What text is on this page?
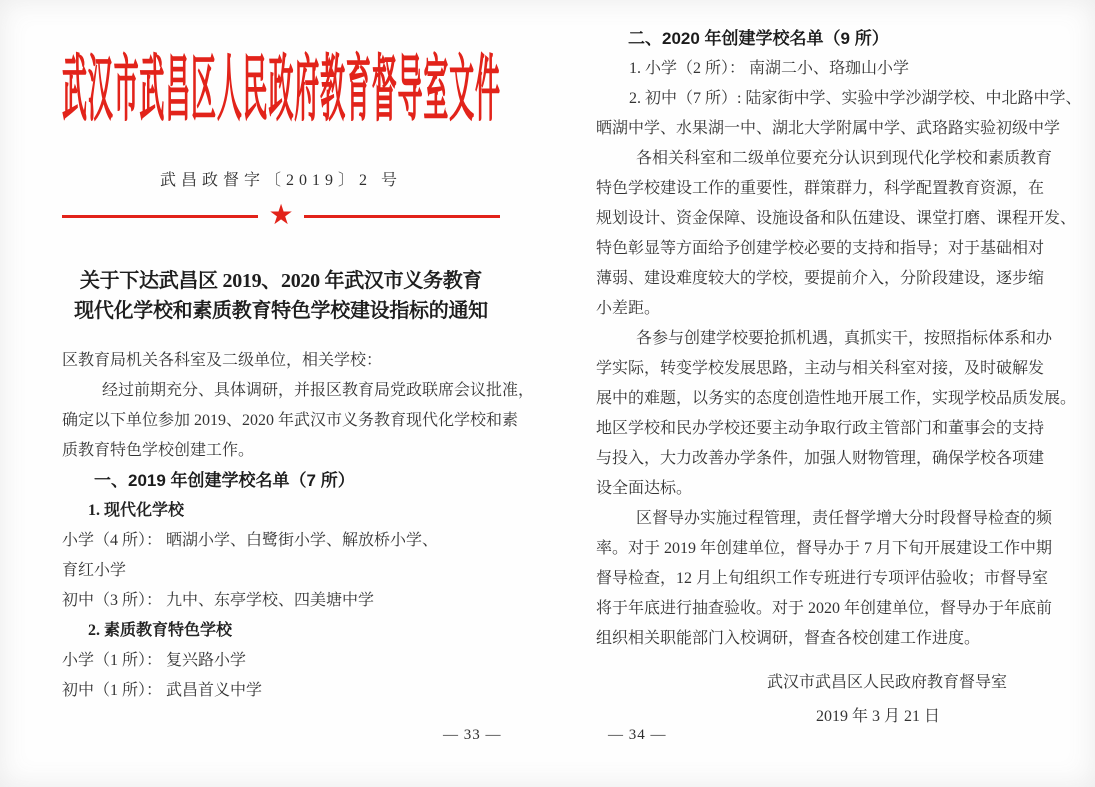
武汉市武昌区人民政府教育督导室文件
武昌政督字〔2019〕2 号
★
关于下达武昌区 2019、2020 年武汉市义务教育
现代化学校和素质教育特色学校建设指标的通知
区教育局机关各科室及二级单位，相关学校：
经过前期充分、具体调研，并报区教育局党政联席会议批准，
确定以下单位参加 2019、2020 年武汉市义务教育现代化学校和素
质教育特色学校创建工作。
一、2019 年创建学校名单（7 所）
1. 现代化学校
小学（4 所）： 晒湖小学、白鹭街小学、解放桥小学、
育红小学
初中（3 所）： 九中、东亭学校、四美塘中学
2. 素质教育特色学校
小学（1 所）： 复兴路小学
初中（1 所）： 武昌首义中学
— 33 —
二、2020 年创建学校名单（9 所）
1. 小学（2 所）： 南湖二小、珞珈山小学
2. 初中（7 所）: 陆家街中学、实验中学沙湖学校、中北路中学、
晒湖中学、水果湖一中、湖北大学附属中学、武珞路实验初级中学
各相关科室和二级单位要充分认识到现代化学校和素质教育
特色学校建设工作的重要性，群策群力，科学配置教育资源，在
规划设计、资金保障、设施设备和队伍建设、课堂打磨、课程开发、
特色彰显等方面给予创建学校必要的支持和指导；对于基础相对
薄弱、建设难度较大的学校，要提前介入，分阶段建设，逐步缩
小差距。
各参与创建学校要抢抓机遇，真抓实干，按照指标体系和办
学实际，转变学校发展思路，主动与相关科室对接，及时破解发
展中的难题，以务实的态度创造性地开展工作，实现学校品质发展。
地区学校和民办学校还要主动争取行政主管部门和董事会的支持
与投入，大力改善办学条件，加强人财物管理，确保学校各项建
设全面达标。
区督导办实施过程管理，责任督学增大分时段督导检查的频
率。对于 2019 年创建单位，督导办于 7 月下旬开展建设工作中期
督导检查，12 月上旬组织工作专班进行专项评估验收；市督导室
将于年底进行抽查验收。对于 2020 年创建单位，督导办于年底前
组织相关职能部门入校调研，督查各校创建工作进度。
武汉市武昌区人民政府教育督导室
2019 年 3 月 21 日
— 34 —
